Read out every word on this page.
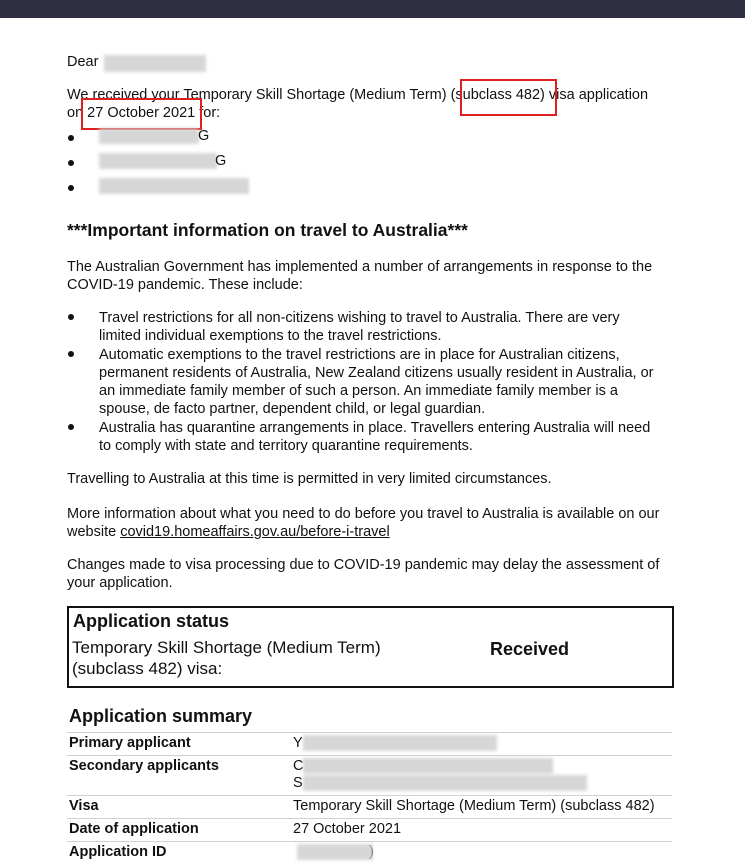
Dear
We received your Temporary Skill Shortage (Medium Term) (subclass 482) visa application
on 27 October 2021 for:
G
G
***Important information on travel to Australia***
The Australian Government has implemented a number of arrangements in response to the COVID-19 pandemic. These include:
Travel restrictions for all non-citizens wishing to travel to Australia. There are very limited individual exemptions to the travel restrictions.
Automatic exemptions to the travel restrictions are in place for Australian citizens, permanent residents of Australia, New Zealand citizens usually resident in Australia, or an immediate family member of such a person. An immediate family member is a spouse, de facto partner, dependent child, or legal guardian.
Australia has quarantine arrangements in place. Travellers entering Australia will need to comply with state and territory quarantine requirements.
Travelling to Australia at this time is permitted in very limited circumstances.
More information about what you need to do before you travel to Australia is available on our website covid19.homeaffairs.gov.au/before-i-travel
Changes made to visa processing due to COVID-19 pandemic may delay the assessment of your application.
Application status
Temporary Skill Shortage (Medium Term) (subclass 482) visa:
Received
Application summary
Primary applicant	Y
Secondary applicants	C
S
Visa	Temporary Skill Shortage (Medium Term) (subclass 482)
Date of application	27 October 2021
Application ID
